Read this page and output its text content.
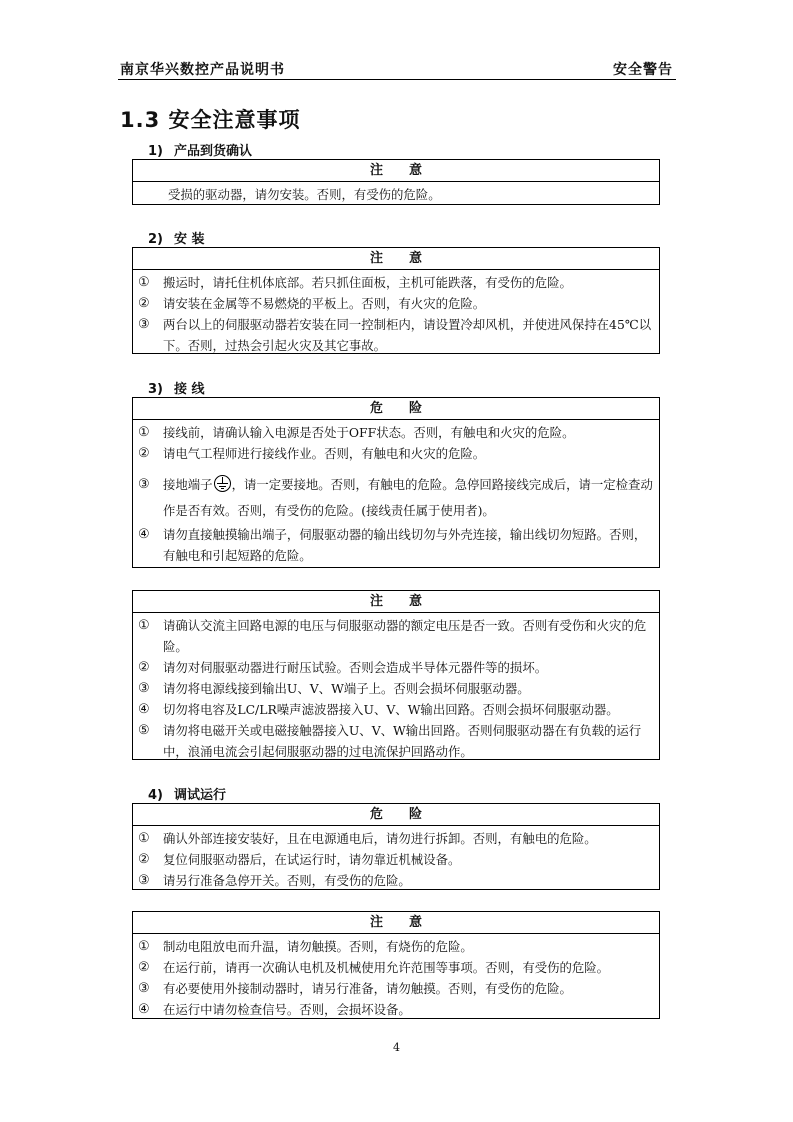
南京华兴数控产品说明书	安全警告
1.3 安全注意事项
1) 产品到货确认
注　　意
受损的驱动器，请勿安装。否则，有受伤的危险。
2) 安 装
注　　意
①	搬运时，请托住机体底部。若只抓住面板，主机可能跌落，有受伤的危险。
②	请安装在金属等不易燃烧的平板上。否则，有火灾的危险。
③	两台以上的伺服驱动器若安装在同一控制柜内，请设置冷却风机，并使进风保持在45℃以下。否则，过热会引起火灾及其它事故。
3) 接 线
危　　险
①	接线前，请确认输入电源是否处于OFF状态。否则，有触电和火灾的危险。
②	请电气工程师进行接线作业。否则，有触电和火灾的危险。
③	接地端子 ，请一定要接地。否则，有触电的危险。急停回路接线完成后，请一定检查动作是否有效。否则，有受伤的危险。(接线责任属于使用者)。
④	请勿直接触摸输出端子，伺服驱动器的输出线切勿与外壳连接，输出线切勿短路。否则，有触电和引起短路的危险。
注　　意
①	请确认交流主回路电源的电压与伺服驱动器的额定电压是否一致。否则有受伤和火灾的危险。
②	请勿对伺服驱动器进行耐压试验。否则会造成半导体元器件等的损坏。
③	请勿将电源线接到输出U、V、W端子上。否则会损坏伺服驱动器。
④	切勿将电容及LC/LR噪声滤波器接入U、V、W输出回路。否则会损坏伺服驱动器。
⑤	请勿将电磁开关或电磁接触器接入U、V、W输出回路。否则伺服驱动器在有负载的运行中，浪涌电流会引起伺服驱动器的过电流保护回路动作。
4) 调试运行
危　　险
①	确认外部连接安装好，且在电源通电后，请勿进行拆卸。否则，有触电的危险。
②	复位伺服驱动器后，在试运行时，请勿靠近机械设备。
③	请另行准备急停开关。否则，有受伤的危险。
注　　意
①	制动电阻放电而升温，请勿触摸。否则，有烧伤的危险。
②	在运行前，请再一次确认电机及机械使用允许范围等事项。否则，有受伤的危险。
③	有必要使用外接制动器时，请另行准备，请勿触摸。否则，有受伤的危险。
④	在运行中请勿检查信号。否则，会损坏设备。
4
